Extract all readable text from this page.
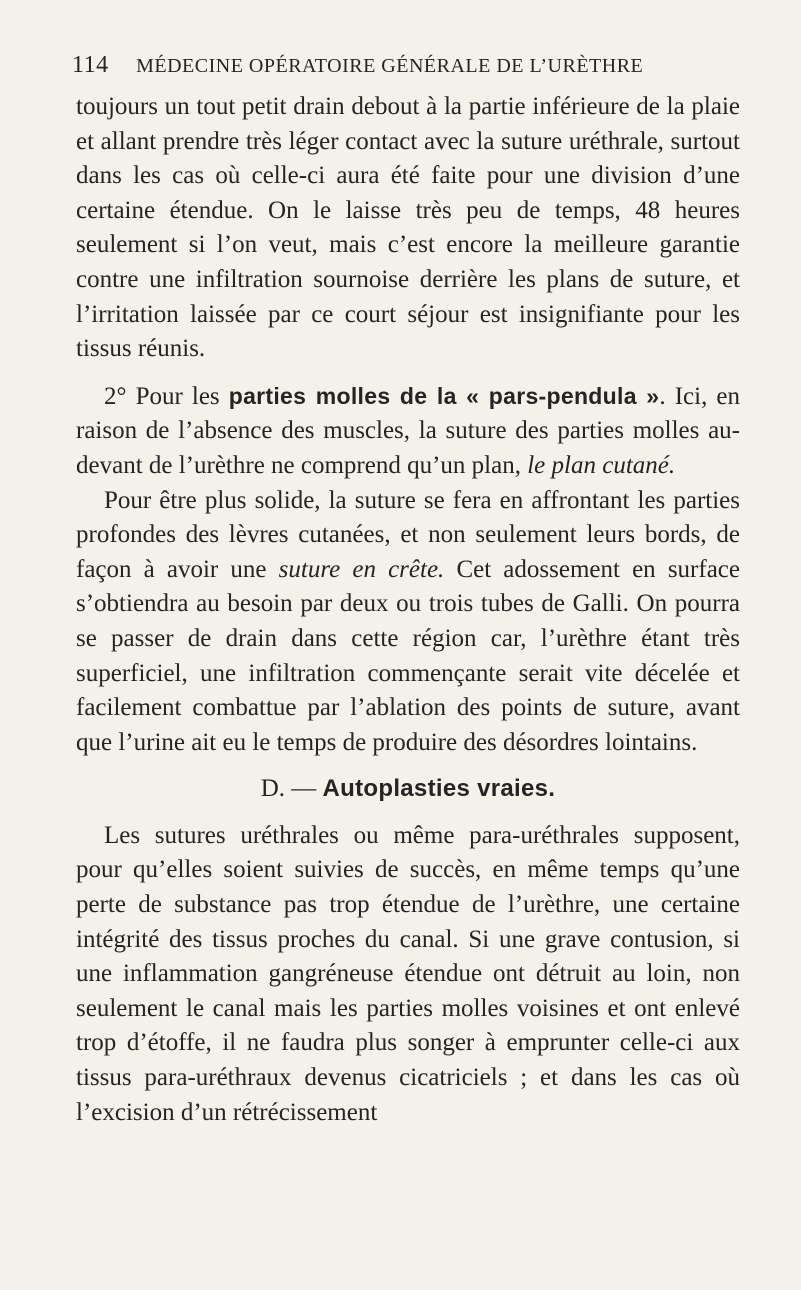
114 MÉDECINE OPÉRATOIRE GÉNÉRALE DE L’URÈTHRE

toujours un tout petit drain debout à la partie inférieure de la plaie et allant prendre très léger contact avec la suture uréthrale, surtout dans les cas où celle-ci aura été faite pour une division d’une certaine étendue. On le laisse très peu de temps, 48 heures seulement si l’on veut, mais c’est encore la meilleure garantie contre une infiltration sournoise derrière les plans de suture, et l’irritation laissée par ce court séjour est insignifiante pour les tissus réunis.

2° Pour les parties molles de la « pars-pendula ». Ici, en raison de l’absence des muscles, la suture des parties molles au-devant de l’urèthre ne comprend qu’un plan, le plan cutané.

Pour être plus solide, la suture se fera en affrontant les parties profondes des lèvres cutanées, et non seulement leurs bords, de façon à avoir une suture en crête. Cet adossement en surface s’obtiendra au besoin par deux ou trois tubes de Galli. On pourra se passer de drain dans cette région car, l’urèthre étant très superficiel, une infiltration commençante serait vite décelée et facilement combattue par l’ablation des points de suture, avant que l’urine ait eu le temps de produire des désordres lointains.

D. — Autoplasties vraies.

Les sutures uréthrales ou même para-uréthrales supposent, pour qu’elles soient suivies de succès, en même temps qu’une perte de substance pas trop étendue de l’urèthre, une certaine intégrité des tissus proches du canal. Si une grave contusion, si une inflammation gangréneuse étendue ont détruit au loin, non seulement le canal mais les parties molles voisines et ont enlevé trop d’étoffe, il ne faudra plus songer à emprunter celle-ci aux tissus para-uréthraux devenus cicatriciels ; et dans les cas où l’excision d’un rétrécissement
